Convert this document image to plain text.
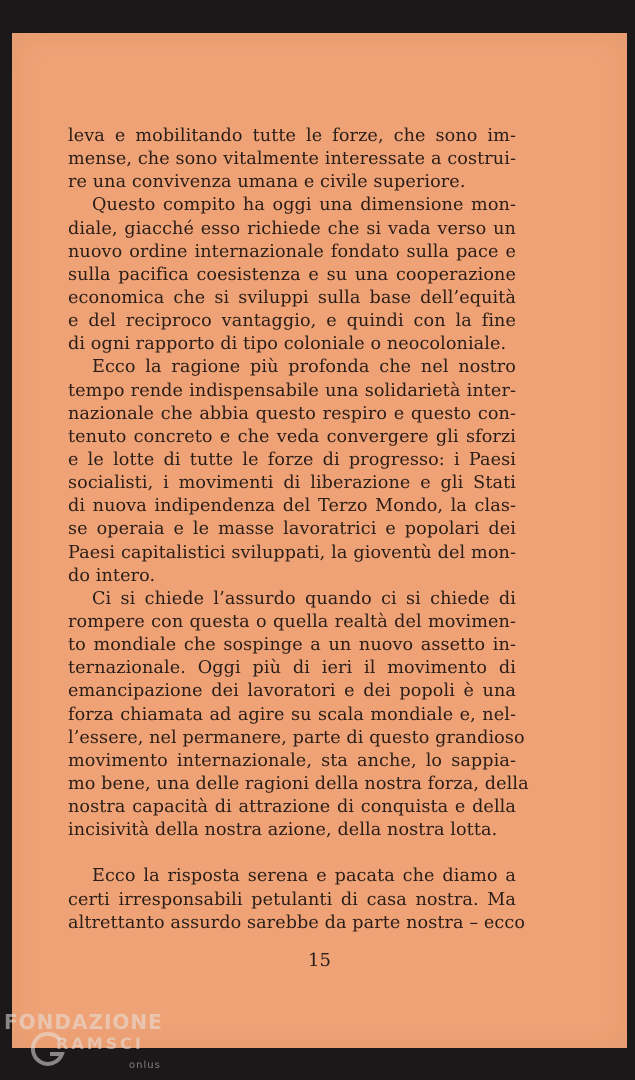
leva e mobilitando tutte le forze, che sono im-
mense, che sono vitalmente interessate a costrui-
re una convivenza umana e civile superiore.
Questo compito ha oggi una dimensione mon-
diale, giacché esso richiede che si vada verso un
nuovo ordine internazionale fondato sulla pace e
sulla pacifica coesistenza e su una cooperazione
economica che si sviluppi sulla base dell’equità
e del reciproco vantaggio, e quindi con la fine
di ogni rapporto di tipo coloniale o neocoloniale.
Ecco la ragione più profonda che nel nostro
tempo rende indispensabile una solidarietà inter-
nazionale che abbia questo respiro e questo con-
tenuto concreto e che veda convergere gli sforzi
e le lotte di tutte le forze di progresso: i Paesi
socialisti, i movimenti di liberazione e gli Stati
di nuova indipendenza del Terzo Mondo, la clas-
se operaia e le masse lavoratrici e popolari dei
Paesi capitalistici sviluppati, la gioventù del mon-
do intero.
Ci si chiede l’assurdo quando ci si chiede di
rompere con questa o quella realtà del movimen-
to mondiale che sospinge a un nuovo assetto in-
ternazionale. Oggi più di ieri il movimento di
emancipazione dei lavoratori e dei popoli è una
forza chiamata ad agire su scala mondiale e, nel-
l’essere, nel permanere, parte di questo grandioso
movimento internazionale, sta anche, lo sappia-
mo bene, una delle ragioni della nostra forza, della
nostra capacità di attrazione di conquista e della
incisività della nostra azione, della nostra lotta.
Ecco la risposta serena e pacata che diamo a
certi irresponsabili petulanti di casa nostra. Ma
altrettanto assurdo sarebbe da parte nostra – ecco
15
FONDAZIONE
RAMSCI
onlus
